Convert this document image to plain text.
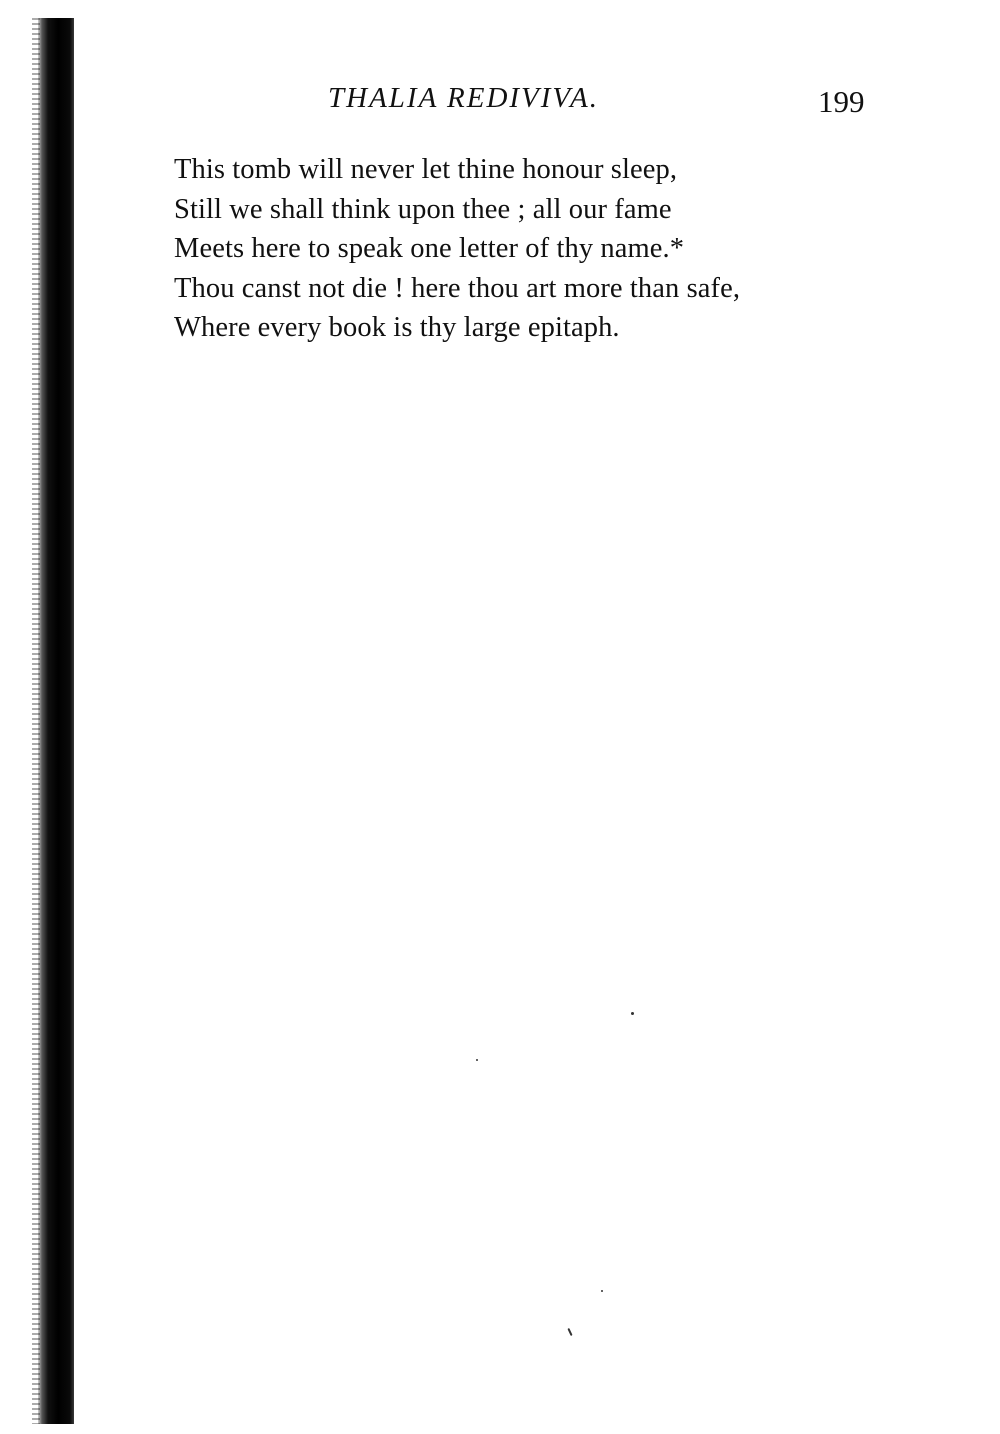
THALIA REDIVIVA.	199
This tomb will never let thine honour sleep,
Still we shall think upon thee ; all our fame
Meets here to speak one letter of thy name.*
Thou canst not die ! here thou art more than safe,
Where every book is thy large epitaph.
